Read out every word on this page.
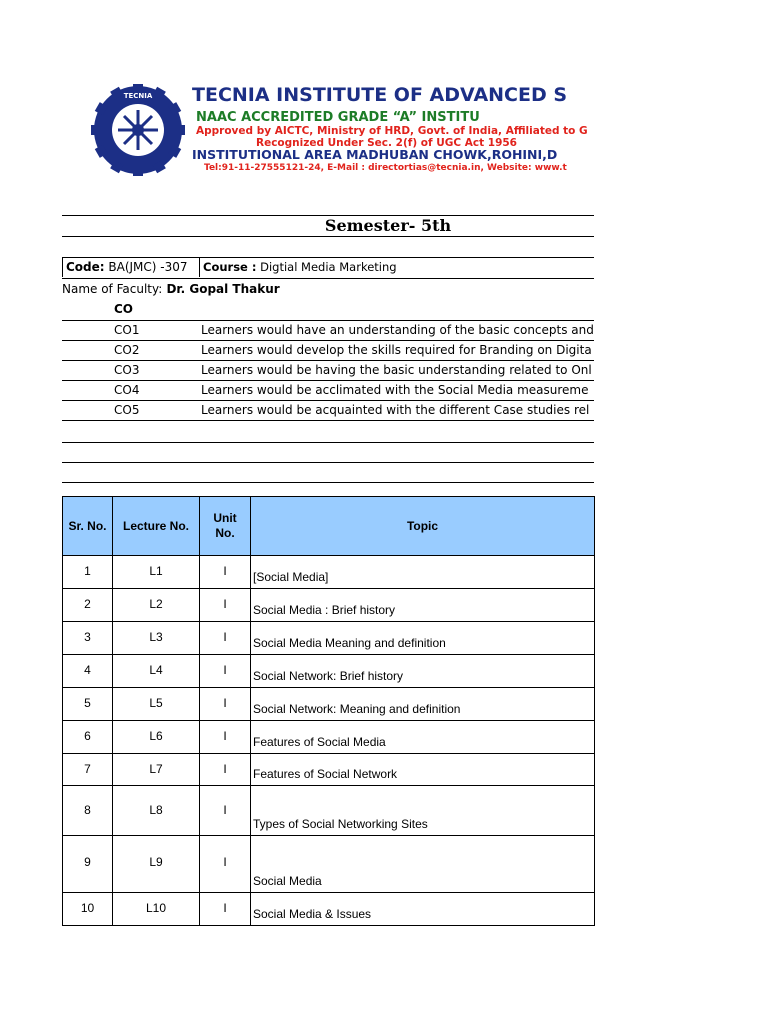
TECNIA TECNIA INSTITUTE OF ADVANCED S
NAAC ACCREDITED GRADE “A” INSTITU
Approved by AICTC, Ministry of HRD, Govt. of India, Affiliated to G
Recognized Under Sec. 2(f) of UGC Act 1956
INSTITUTIONAL AREA MADHUBAN CHOWK,ROHINI,D
Tel:91-11-27555121-24, E-Mail : directortias@tecnia.in, Website: www.t
Semester- 5th
Code: BA(JMC) -307 Course : Digtial Media Marketing
Name of Faculty: Dr. Gopal Thakur
CO
CO1	Learners would have an understanding of the basic concepts and
CO2	Learners would develop the skills required for Branding on Digita
CO3	Learners would be having the basic understanding related to Onl
CO4	Learners would be acclimated with the Social Media measureme
CO5	Learners would be acquainted with the different Case studies rel
Sr. No.	Lecture No.	Unit No.	Topic
1	L1	I	[Social Media]
2	L2	I	Social Media : Brief history
3	L3	I	Social Media Meaning and definition
4	L4	I	Social Network: Brief history
5	L5	I	Social Network: Meaning and definition
6	L6	I	Features of Social Media
7	L7	I	Features of Social Network
8	L8	I	Types of Social Networking Sites
9	L9	I	Social Media
10	L10	I	Social Media & Issues
